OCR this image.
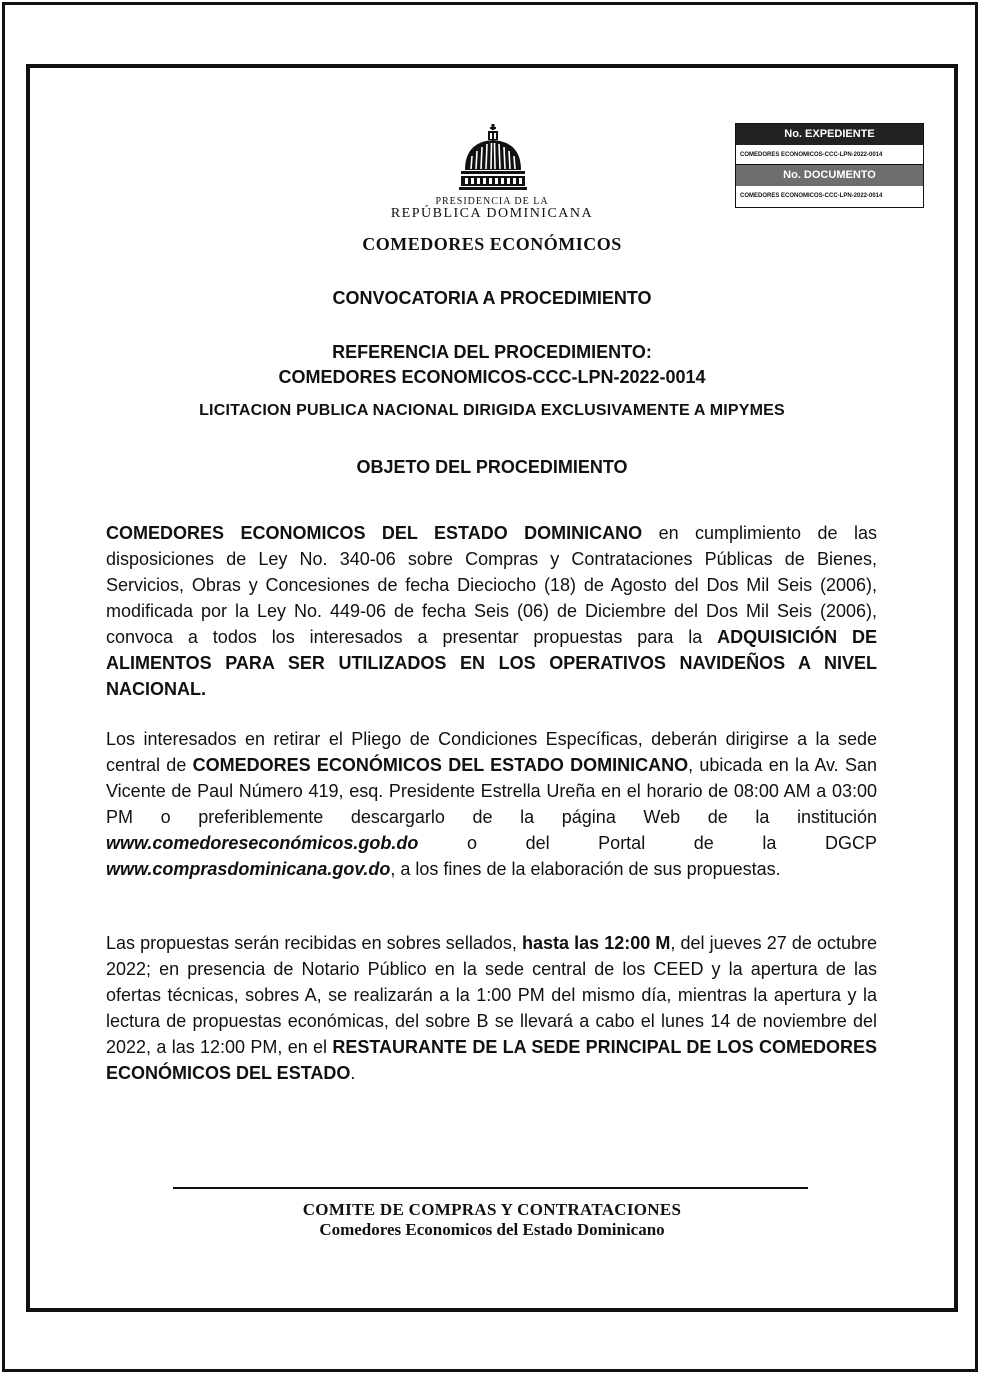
No. EXPEDIENTE
COMEDORES ECONOMICOS-CCC-LPN-2022-0014
No. DOCUMENTO
COMEDORES ECONOMICOS-CCC-LPN-2022-0014
PRESIDENCIA DE LA
REPÚBLICA DOMINICANA
COMEDORES ECONÓMICOS
CONVOCATORIA A PROCEDIMIENTO
REFERENCIA DEL PROCEDIMIENTO:
COMEDORES ECONOMICOS-CCC-LPN-2022-0014
LICITACION PUBLICA NACIONAL DIRIGIDA EXCLUSIVAMENTE A MIPYMES
OBJETO DEL PROCEDIMIENTO
COMEDORES ECONOMICOS DEL ESTADO DOMINICANO en cumplimiento de las disposiciones de Ley No. 340-06 sobre Compras y Contrataciones Públicas de Bienes, Servicios, Obras y Concesiones de fecha Dieciocho (18) de Agosto del Dos Mil Seis (2006), modificada por la Ley No. 449-06 de fecha Seis (06) de Diciembre del Dos Mil Seis (2006), convoca a todos los interesados a presentar propuestas para la ADQUISICIÓN DE ALIMENTOS PARA SER UTILIZADOS EN LOS OPERATIVOS NAVIDEÑOS A NIVEL NACIONAL.
Los interesados en retirar el Pliego de Condiciones Específicas, deberán dirigirse a la sede central de COMEDORES ECONÓMICOS DEL ESTADO DOMINICANO, ubicada en la Av. San Vicente de Paul Número 419, esq. Presidente Estrella Ureña en el horario de 08:00 AM a 03:00 PM o preferiblemente descargarlo de la página Web de la institución www.comedoreseconómicos.gob.do o del Portal de la DGCP www.comprasdominicana.gov.do, a los fines de la elaboración de sus propuestas.
Las propuestas serán recibidas en sobres sellados, hasta las 12:00 M, del jueves 27 de octubre 2022; en presencia de Notario Público en la sede central de los CEED y la apertura de las ofertas técnicas, sobres A, se realizarán a la 1:00 PM del mismo día, mientras la apertura y la lectura de propuestas económicas, del sobre B se llevará a cabo el lunes 14 de noviembre del 2022, a las 12:00 PM, en el RESTAURANTE DE LA SEDE PRINCIPAL DE LOS COMEDORES ECONÓMICOS DEL ESTADO.
COMITE DE COMPRAS Y CONTRATACIONES
Comedores Economicos del Estado Dominicano
